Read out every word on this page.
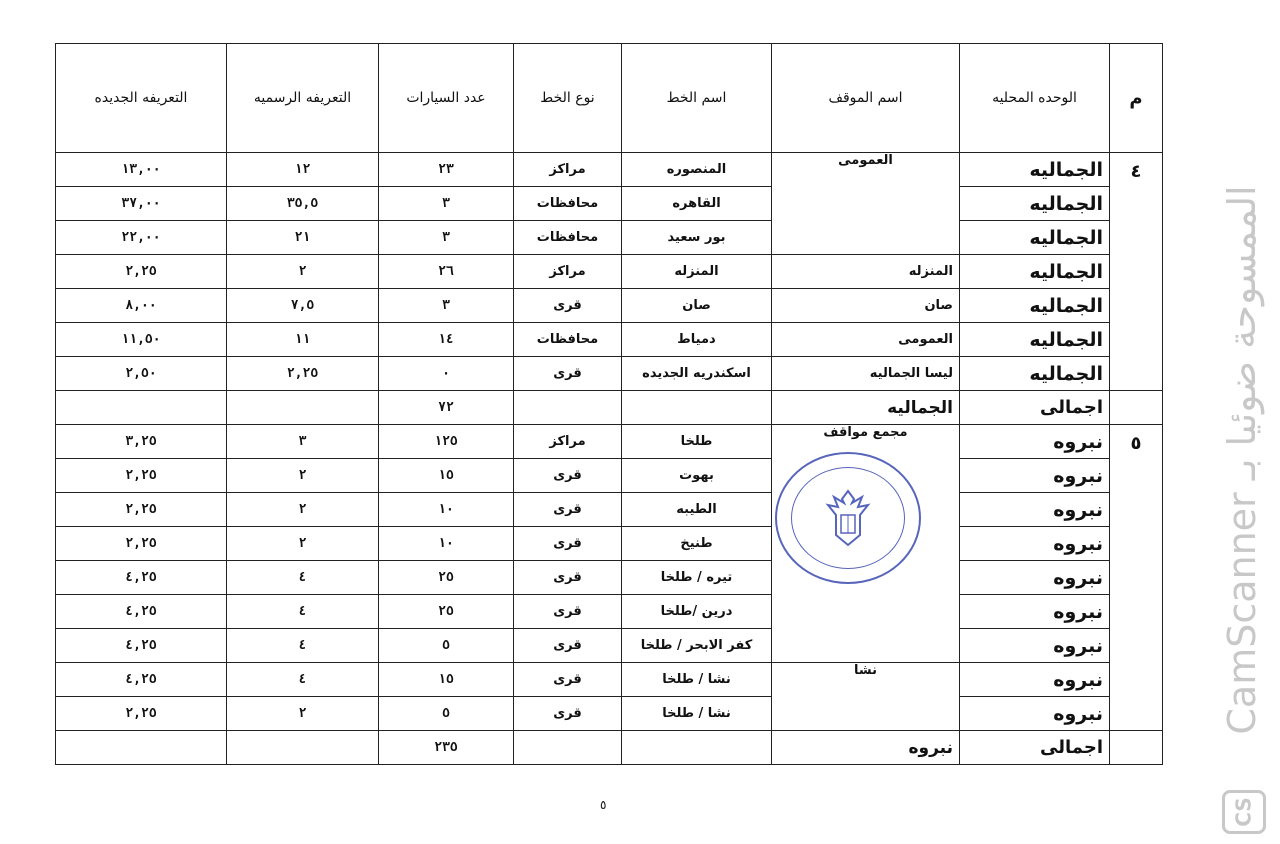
م	الوحده المحليه	اسم الموقف	اسم الخط	نوع الخط	عدد السيارات	التعريفه الرسميه	التعريفه الجديده
٤	الجماليه	العمومى	المنصوره	مراكز	٢٣	١٢	١٣,٠٠
	الجماليه		القاهره	محافظات	٣	٣٥,٥	٣٧,٠٠
	الجماليه		بور سعيد	محافظات	٣	٢١	٢٢,٠٠
	الجماليه	المنزله	المنزله	مراكز	٢٦	٢	٢,٢٥
	الجماليه	صان	صان	قرى	٣	٧,٥	٨,٠٠
	الجماليه	العمومى	دمياط	محافظات	١٤	١١	١١,٥٠
	الجماليه	ليسا الجماليه	اسكندريه الجديده	قرى	٠	٢,٢٥	٢,٥٠
	اجمالى	الجماليه			٧٢		
٥	نبروه	مجمع مواقف	طلخا	مراكز	١٢٥	٣	٣,٢٥
	نبروه		بهوت	قرى	١٥	٢	٢,٢٥
	نبروه		الطيبه	قرى	١٠	٢	٢,٢٥
	نبروه		طنيخ	قرى	١٠	٢	٢,٢٥
	نبروه		تيره / طلخا	قرى	٢٥	٤	٤,٢٥
	نبروه		درين /طلخا	قرى	٢٥	٤	٤,٢٥
	نبروه		كفر الابحر / طلخا	قرى	٥	٤	٤,٢٥
	نبروه	نشا	نشا / طلخا	قرى	١٥	٤	٤,٢٥
	نبروه		نشا / طلخا	قرى	٥	٢	٢,٢٥
	اجمالى	نبروه			٢٣٥		
٥
الممسوحة ضوئيا بـ CamScanner
CS
